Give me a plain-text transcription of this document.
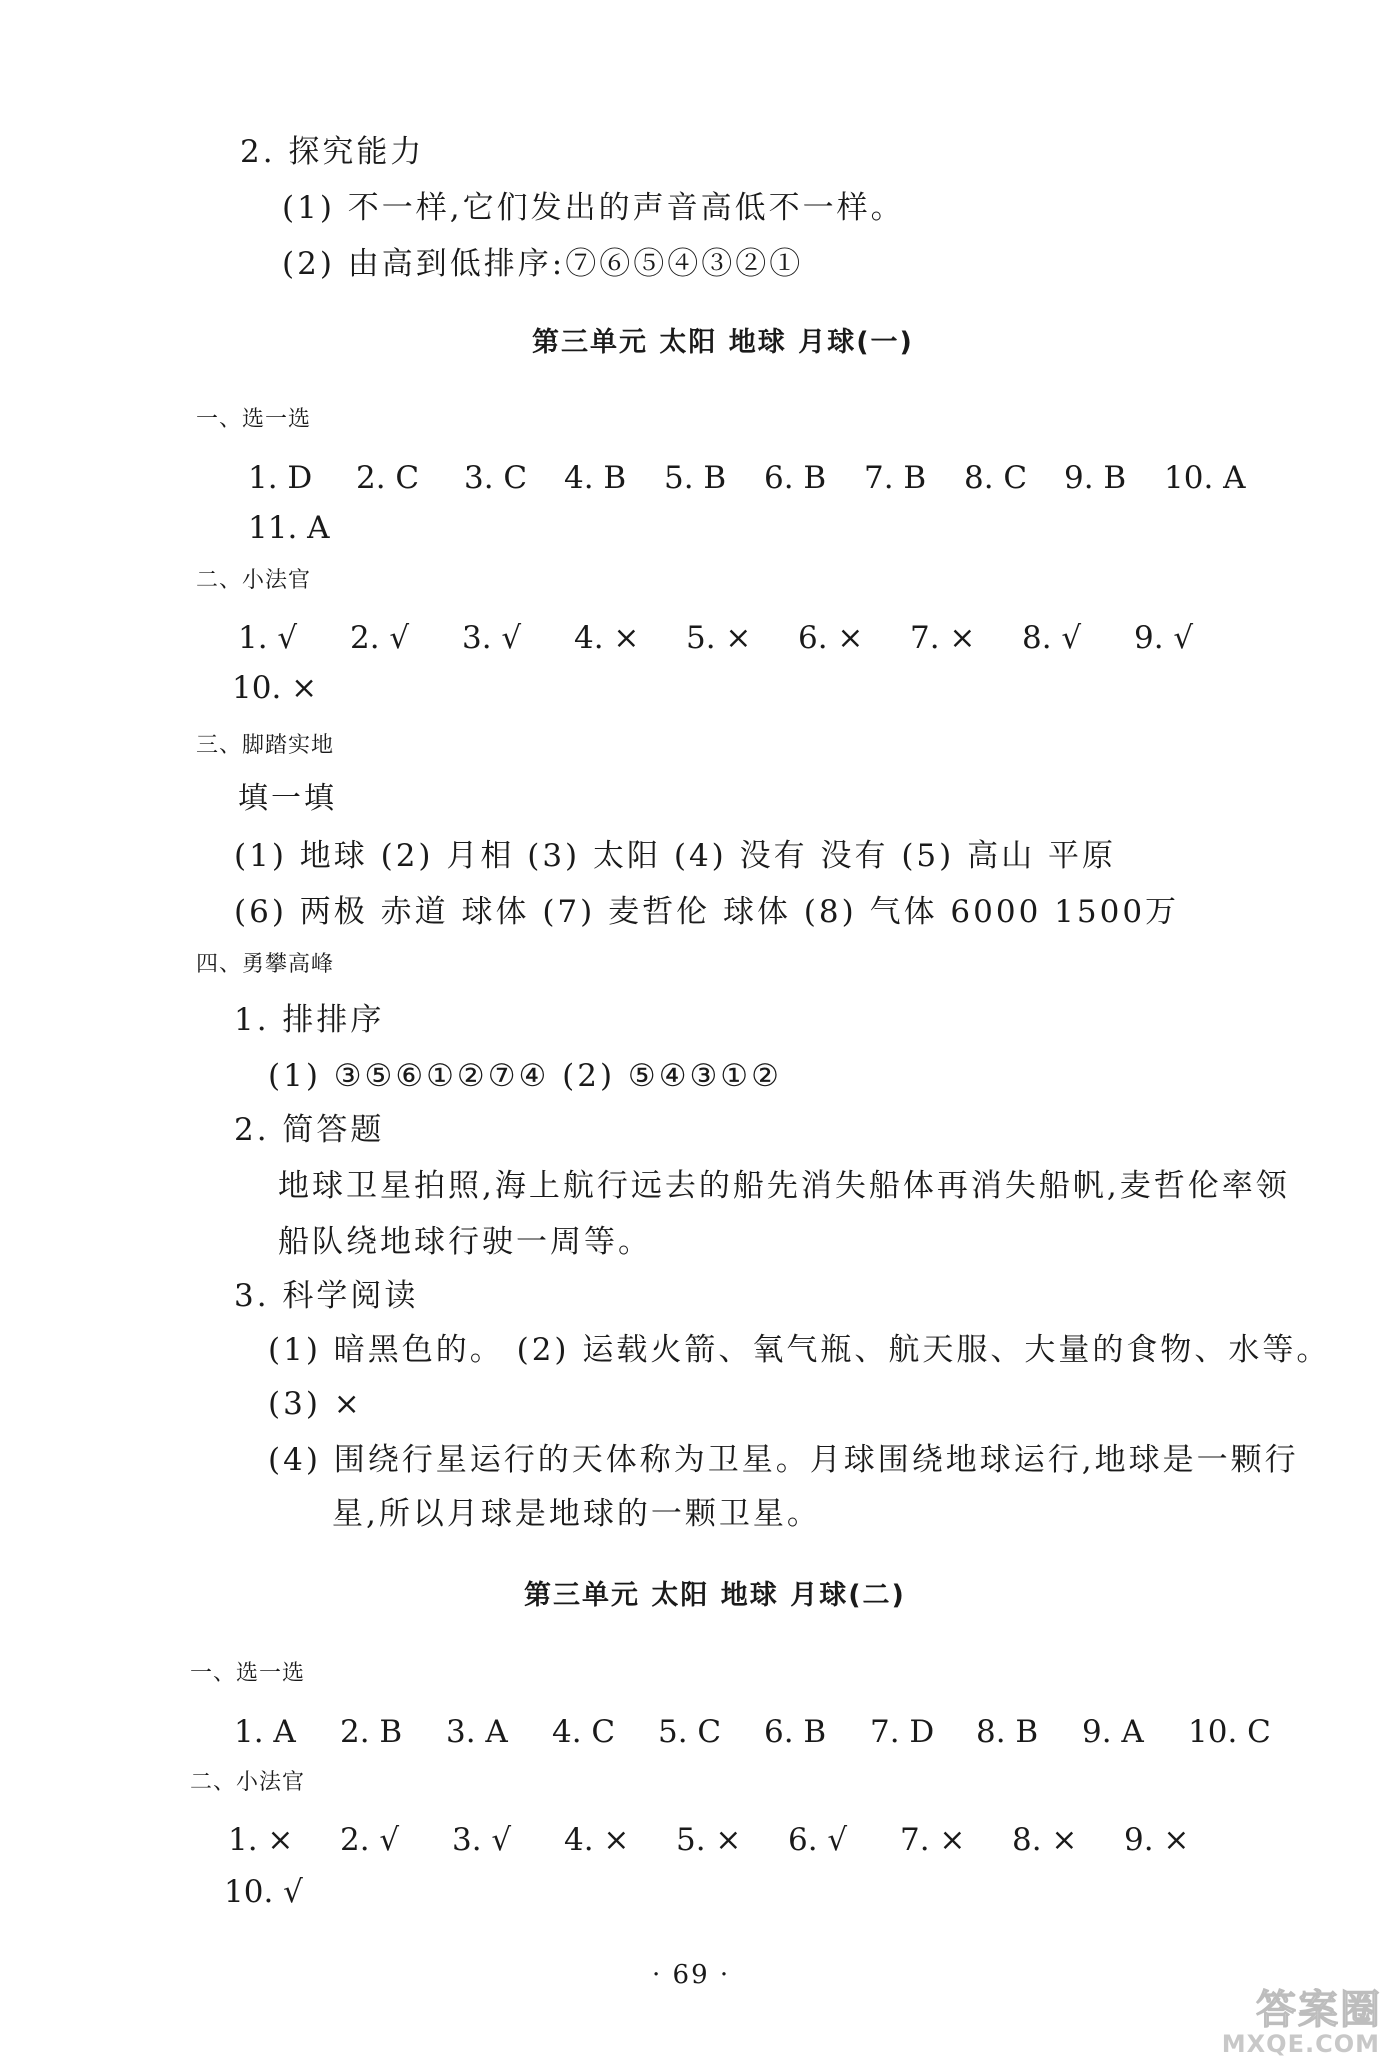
2. 探究能力
(1) 不一样,它们发出的声音高低不一样。
(2) 由高到低排序:⑦⑥⑤④③②①
第三单元 太阳 地球 月球(一)
一、选一选
1. D 2. C 3. C 4. B 5. B 6. B 7. B 8. C 9. B 10. A
11. A
二、小法官
1. √ 2. √ 3. √ 4. × 5. × 6. × 7. × 8. √ 9. √
10. ×
三、脚踏实地
填一填
(1) 地球 (2) 月相 (3) 太阳 (4) 没有 没有 (5) 高山 平原
(6) 两极 赤道 球体 (7) 麦哲伦 球体 (8) 气体 6000 1500万
四、勇攀高峰
1. 排排序
(1) ③⑤⑥①②⑦④ (2) ⑤④③①②
2. 简答题
地球卫星拍照,海上航行远去的船先消失船体再消失船帆,麦哲伦率领
船队绕地球行驶一周等。
3. 科学阅读
(1) 暗黑色的。 (2) 运载火箭、氧气瓶、航天服、大量的食物、水等。
(3) ×
(4) 围绕行星运行的天体称为卫星。月球围绕地球运行,地球是一颗行
星,所以月球是地球的一颗卫星。
第三单元 太阳 地球 月球(二)
一、选一选
1. A 2. B 3. A 4. C 5. C 6. B 7. D 8. B 9. A 10. C
二、小法官
1. × 2. √ 3. √ 4. × 5. × 6. √ 7. × 8. × 9. ×
10. √
· 69 ·
答案圈
MXQE.COM
